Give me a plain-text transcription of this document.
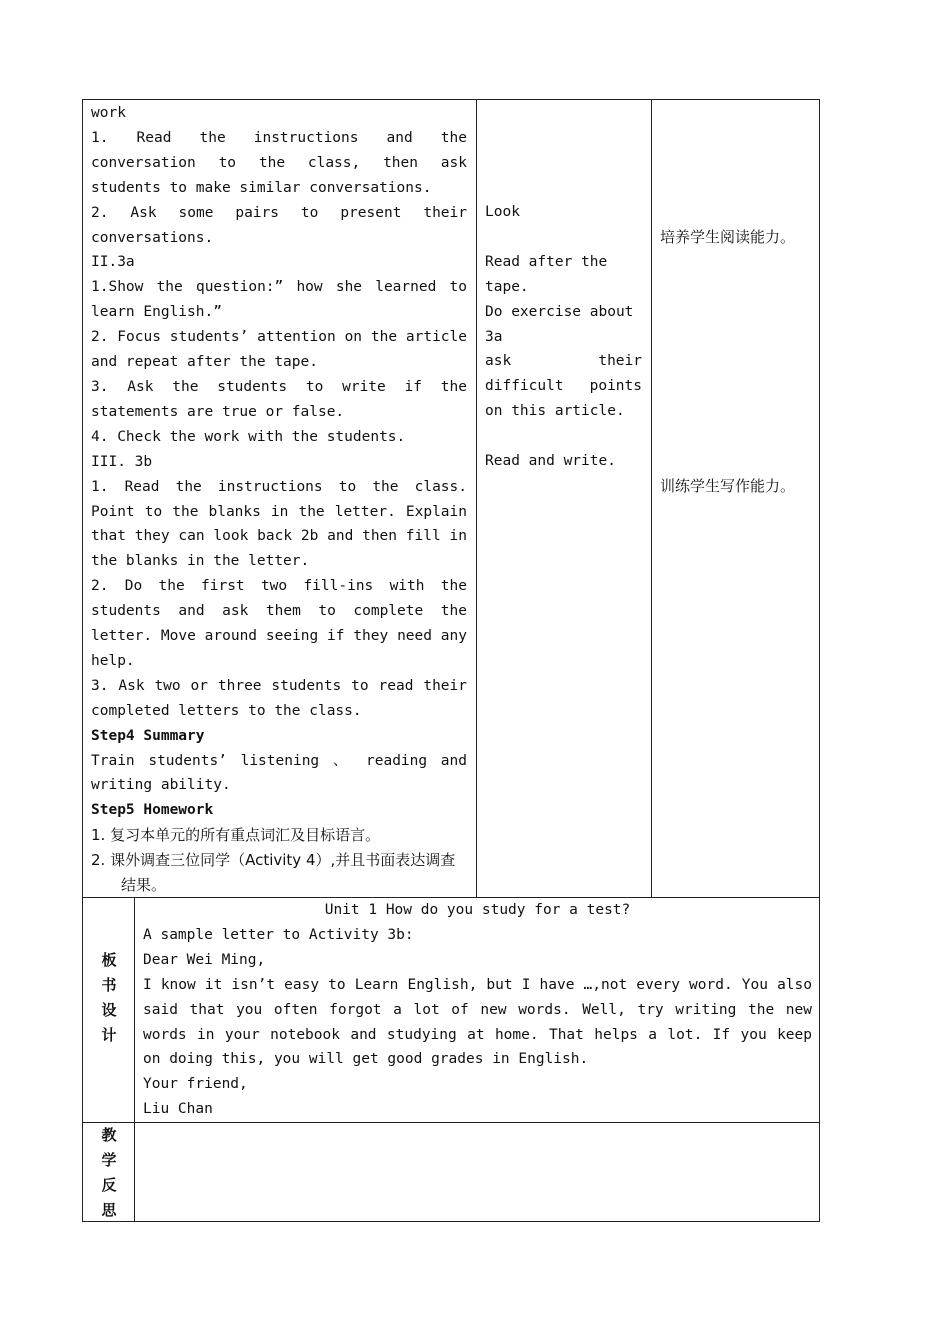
work

1. Read the instructions and the conversation to the class, then ask students to make similar conversations.

2. Ask some pairs to present their conversations.

II.3a

1.Show the question:” how she learned to learn English.”

2. Focus students’ attention on the article and repeat after the tape.

3. Ask the students to write if the statements are true or false.

4. Check the work with the students.

III. 3b

1. Read the instructions to the class. Point to the blanks in the letter. Explain that they can look back 2b and then fill in the blanks in the letter.

2. Do the first two fill-ins with the students and ask them to complete the letter. Move around seeing if they need any help.

3. Ask two or three students to read their completed letters to the class.

Step4 Summary

Train students’ listening 、 reading and writing ability.

Step5 Homework

1. 复习本单元的所有重点词汇及目标语言。

2. 课外调查三位同学（Activity 4）,并且书面表达调查结果。

Look

Read after the

tape.

Do exercise about

3a

ask	their
difficult points

on this article.

Read and write.

培养学生阅读能力。
训练学生写作能力。
板
书
设
计

Unit 1 How do you study for a test?

A sample letter to Activity 3b:

Dear Wei Ming,

I know it isn’t easy to Learn English, but I have …,not every word. You also said that you often forgot a lot of new words. Well, try writing the new words in your notebook and studying at home. That helps a lot. If you keep on doing this, you will get good grades in English.

Your friend,

Liu Chan

教
学
反
思
